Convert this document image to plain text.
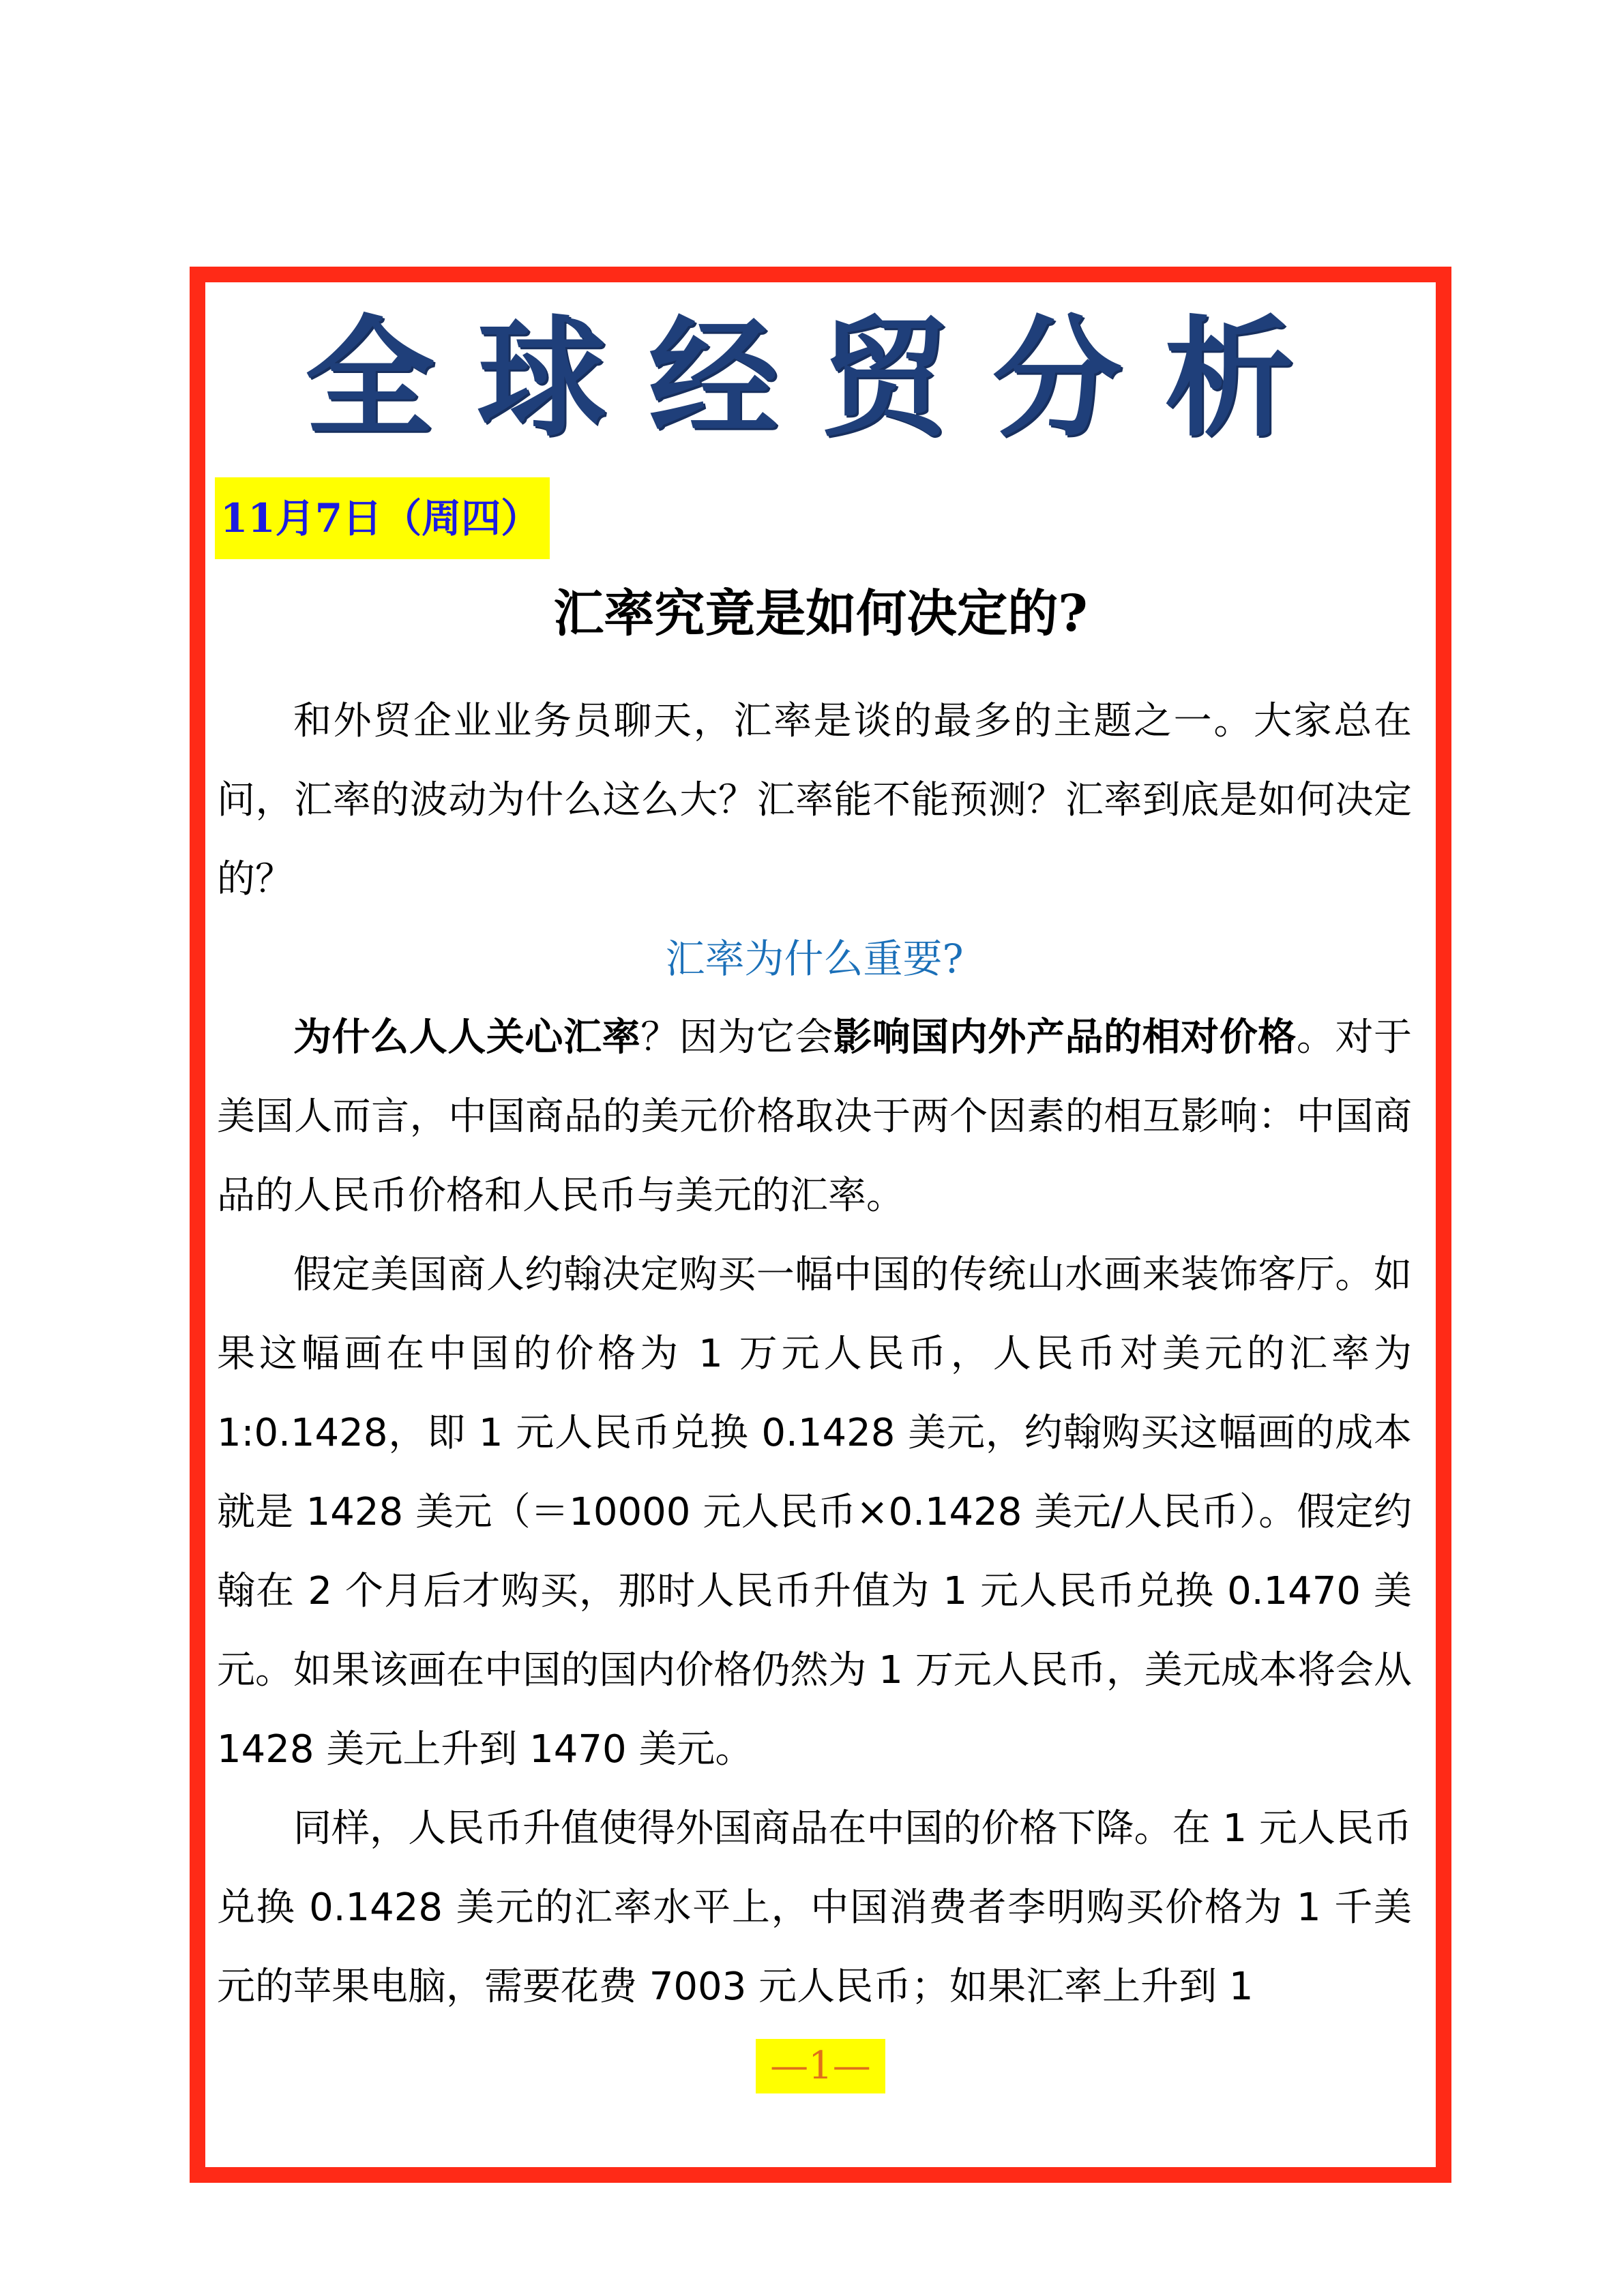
全球经贸分析
11月7日（周四）
汇率究竟是如何决定的?

和外贸企业业务员聊天，汇率是谈的最多的主题之一。大家总在问，汇率的波动为什么这么大？汇率能不能预测？汇率到底是如何决定的？

汇率为什么重要?

为什么人人关心汇率？因为它会影响国内外产品的相对价格。对于美国人而言，中国商品的美元价格取决于两个因素的相互影响：中国商品的人民币价格和人民币与美元的汇率。

假定美国商人约翰决定购买一幅中国的传统山水画来装饰客厅。如果这幅画在中国的价格为 1 万元人民币，人民币对美元的汇率为 1:0.1428，即 1 元人民币兑换 0.1428 美元，约翰购买这幅画的成本就是 1428 美元（＝10000 元人民币×0.1428 美元/人民币）。假定约翰在 2 个月后才购买，那时人民币升值为 1 元人民币兑换 0.1470 美元。如果该画在中国的国内价格仍然为 1 万元人民币，美元成本将会从 1428 美元上升到 1470 美元。

同样，人民币升值使得外国商品在中国的价格下降。在 1 元人民币兑换 0.1428 美元的汇率水平上，中国消费者李明购买价格为 1 千美元的苹果电脑，需要花费 7003 元人民币；如果汇率上升到 1

—1—
